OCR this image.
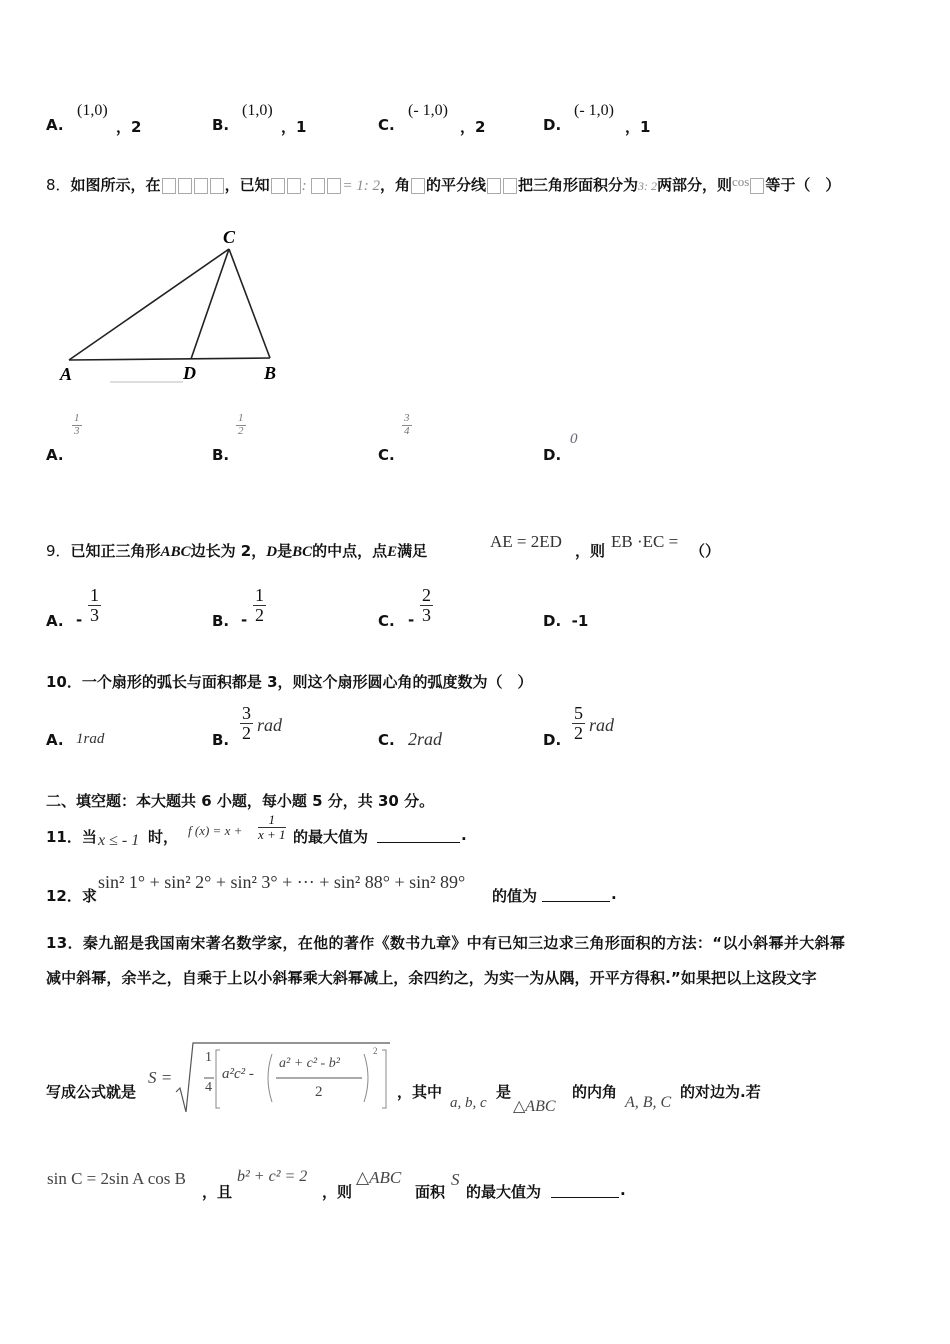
A.
(1,0)
，2	B.
(1,0)
，1	C.
(- 1,0)
，2	D.
(- 1,0)
，1
8．如图所示，在	，已知 : = 1: 2，角 的平分线 把三角形面积分为3: 2两部分，则cos 等于（　）
C
A	D	B
A.
$\frac{1}{3}$
B.
$\frac{1}{2}$
C.
$\frac{3}{4}$
D.
0
9．已知正三角形ABC边长为 2，D是BC的中点，点E满足	AE = 2ED ，则 EB ·EC = （）
A. - $\frac{1}{3}$	B. - $\frac{1}{2}$	C. - $\frac{2}{3}$	D. -1
10．一个扇形的弧长与面积都是 3，则这个扇形圆心角的弧度数为（　）
A. 1rad	B. $\frac{3}{2}$ rad
C. 2rad	D. $\frac{5}{2}$ rad
二、填空题：本大题共 6 小题，每小题 5 分，共 30 分。
11．当 x ≤ - 1 时， f $(x) = x + \frac{1}{x + 1}$ 的最大值为	.
12．求
sin² 1° + sin² 2° + sin² 3° + ··· + sin² 88° + sin² 89°
的值为	.
13．秦九韶是我国南宋著名数学家，在他的著作《数书九章》中有已知三边求三角形面积的方法：“以小斜幂并大斜幂
减中斜幂，余半之，自乘于上以小斜幂乘大斜幂减上，余四约之，为实一为从隅，开平方得积.”如果把以上这段文字
写成公式就是
S =
1
4
a²c² -
a² + c² - b²
2
2
，其中
a, b, c
是
△ABC
的内角
A, B, C
的对边为.若
sin C = 2sin A cos B
，且
b² + c² = 2
，则
△ABC
面积
S
的最大值为	.
